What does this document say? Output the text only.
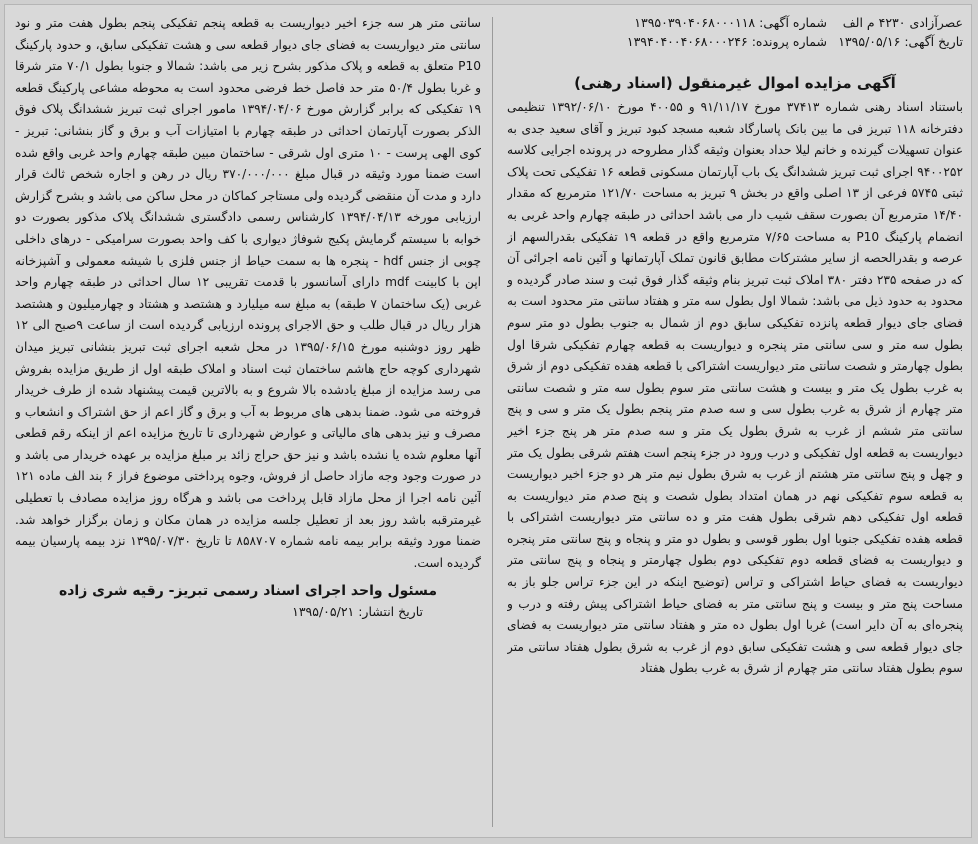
عصرآزادی ۴۲۳۰ م الف
تاریخ آگهی: ۱۳۹۵/۰۵/۱۶
شماره آگهی: ۱۳۹۵۰۳۹۰۴۰۶۸۰۰۰۱۱۸
شماره پرونده: ۱۳۹۴۰۴۰۰۴۰۶۸۰۰۰۲۴۶
آگهی مزایده اموال غیرمنقول (اسناد رهنی)

باستناد اسناد رهنی شماره ۳۷۴۱۳ مورخ ۹۱/۱۱/۱۷ و ۴۰۰۵۵ مورخ ۱۳۹۲/۰۶/۱۰ تنظیمی دفترخانه ۱۱۸ تبریز فی ما بین بانک پاسارگاد شعبه مسجد کبود تبریز و آقای سعید جدی به عنوان تسهیلات گیرنده و خانم لیلا حداد بعنوان وثیقه گذار مطروحه در پرونده اجرایی کلاسه ۹۴۰۰۲۵۲ اجرای ثبت تبریز ششدانگ یک باب آپارتمان مسکونی قطعه ۱۶ تفکیکی تحت پلاک ثبتی ۵۷۴۵ فرعی از ۱۳ اصلی واقع در بخش ۹ تبریز به مساحت ۱۲۱/۷۰ مترمربع که مقدار ۱۴/۴۰ مترمربع آن بصورت سقف شیب دار می باشد احداثی در طبقه چهارم واحد غربی به انضمام پارکینگ P10 به مساحت ۷/۶۵ مترمربع واقع در قطعه ۱۹ تفکیکی بقدرالسهم از عرصه و بقدرالحصه از سایر مشترکات مطابق قانون تملک آپارتمانها و آئین نامه اجرائی آن که در صفحه ۲۳۵ دفتر ۳۸۰ املاک ثبت تبریز بنام وثیقه گذار فوق ثبت و سند صادر گردیده و محدود به حدود ذیل می باشد: شمالا اول بطول سه متر و هفتاد سانتی متر محدود است به فضای جای دیوار قطعه پانزده تفکیکی سابق دوم از شمال به جنوب بطول دو متر سوم بطول سه متر و سی سانتی متر پنجره و دیواریست به قطعه چهارم تفکیکی شرقا اول بطول چهارمتر و شصت سانتی متر دیواریست اشتراکی با قطعه هفده تفکیکی دوم از شرق به غرب بطول یک متر و بیست و هشت سانتی متر سوم بطول سه متر و شصت سانتی متر چهارم از شرق به غرب بطول سی و سه صدم متر پنجم بطول یک متر و سی و پنج سانتی متر ششم از غرب به شرق بطول یک متر و سه صدم متر هر پنج جزء اخیر دیواریست به قطعه اول تفکیکی و درب ورود در جزء پنجم است هفتم شرقی بطول یک متر و چهل و پنج سانتی متر هشتم از غرب به شرق بطول نیم متر هر دو جزء اخیر دیواریست به قطعه سوم تفکیکی نهم در همان امتداد بطول شصت و پنج صدم متر دیواریست به قطعه اول تفکیکی دهم شرقی بطول هفت متر و ده سانتی متر دیواریست اشتراکی با قطعه هفده تفکیکی جنوبا اول بطور قوسی و بطول دو متر و پنجاه و پنج سانتی متر پنجره و دیواریست به فضای قطعه دوم تفکیکی دوم بطول چهارمتر و پنجاه و پنج سانتی متر دیواریست به فضای حیاط اشتراکی و تراس (توضیح اینکه در این جزء تراس جلو باز به مساحت پنج متر و بیست و پنج سانتی متر به فضای حیاط اشتراکی پیش رفته و درب و پنجره‌ای به آن دایر است) غربا اول بطول ده متر و هفتاد سانتی متر دیواریست به فضای جای دیوار قطعه سی و هشت تفکیکی سابق دوم از غرب به شرق بطول هفتاد سانتی متر سوم بطول هفتاد سانتی متر چهارم از شرق به غرب بطول هفتاد

سانتی متر هر سه جزء اخیر دیواریست به قطعه پنجم تفکیکی پنجم بطول هفت متر و نود سانتی متر دیواریست به فضای جای دیوار قطعه سی و هشت تفکیکی سابق، و حدود پارکینگ P10 متعلق به قطعه و پلاک مذکور بشرح زیر می باشد: شمالا و جنوبا بطول ۷۰/۱ متر شرقا و غربا بطول ۵۰/۴ متر حد فاصل خط فرضی محدود است به محوطه مشاعی پارکینگ قطعه ۱۹ تفکیکی که برابر گزارش مورخ ۱۳۹۴/۰۴/۰۶ مامور اجرای ثبت تبریز ششدانگ پلاک فوق الذکر بصورت آپارتمان احداثی در طبقه چهارم با امتیازات آب و برق و گاز بنشانی: تبریز - کوی الهی پرست - ۱۰ متری اول شرقی - ساختمان مبین طبقه چهارم واحد غربی واقع شده است ضمنا مورد وثیقه در قبال مبلغ ۳۷۰/۰۰۰/۰۰۰ ریال در رهن و اجاره شخص ثالث قرار دارد و مدت آن منقضی گردیده ولی مستاجر کماکان در محل ساکن می باشد و بشرح گزارش ارزیابی مورخه ۱۳۹۴/۰۴/۱۳ کارشناس رسمی دادگستری ششدانگ پلاک مذکور بصورت دو خوابه با سیستم گرمایش پکیج شوفاژ دیواری با کف واحد بصورت سرامیکی - درهای داخلی چوبی از جنس hdf - پنجره ها به سمت حیاط از جنس فلزی با شیشه معمولی و آشپزخانه اپن با کابینت mdf دارای آسانسور با قدمت تقریبی ۱۲ سال احداثی در طبقه چهارم واحد غربی (یک ساختمان ۷ طبقه) به مبلغ سه میلیارد و هشتصد و هشتاد و چهارمیلیون و هشتصد هزار ریال در قبال طلب و حق الاجرای پرونده ارزیابی گردیده است از ساعت ۹صبح الی ۱۲ ظهر روز دوشنبه مورخ ۱۳۹۵/۰۶/۱۵ در محل شعبه اجرای ثبت تبریز بنشانی تبریز میدان شهرداری کوچه حاج هاشم ساختمان ثبت اسناد و املاک طبقه اول از طریق مزایده بفروش می رسد مزایده از مبلغ یادشده بالا شروع و به بالاترین قیمت پیشنهاد شده از طرف خریدار فروخته می شود. ضمنا بدهی های مربوط به آب و برق و گاز اعم از حق اشتراک و انشعاب و مصرف و نیز بدهی های مالیاتی و عوارض شهرداری تا تاریخ مزایده اعم از اینکه رقم قطعی آنها معلوم شده یا نشده باشد و نیز حق حراج زائد بر مبلغ مزایده بر عهده خریدار می باشد و در صورت وجود وجه مازاد حاصل از فروش، وجوه پرداختی موضوع فراز ۶ بند الف ماده ۱۲۱ آئین نامه اجرا از محل مازاد قابل پرداخت می باشد و هرگاه روز مزایده مصادف با تعطیلی غیرمترقبه باشد روز بعد از تعطیل جلسه مزایده در همان مکان و زمان برگزار خواهد شد. ضمنا مورد وثیقه برابر بیمه نامه شماره ۸۵۸۷۰۷ تا تاریخ ۱۳۹۵/۰۷/۳۰ نزد بیمه پارسیان بیمه گردیده است.

مسئول واحد اجرای اسناد رسمی تبریز- رقیه شری زاده
تاریخ انتشار: ۱۳۹۵/۰۵/۲۱
